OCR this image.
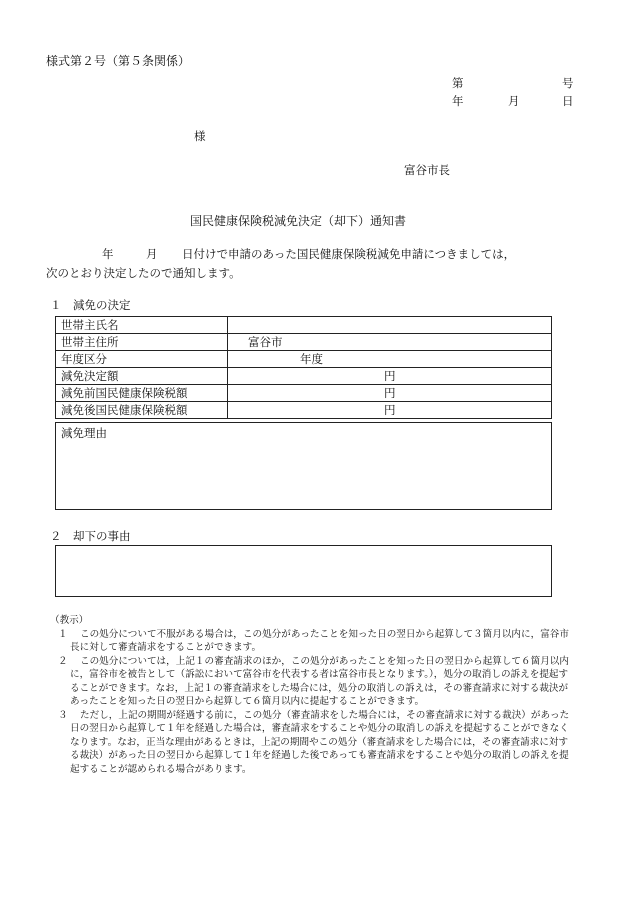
様式第２号（第５条関係）
第	号
年	月	日
様
富谷市長
国民健康保険税減免決定（却下）通知書
年	月 日付けで申請のあった国民健康保険税減免申請につきましては，
次のとおり決定したので通知します。
１　減免の決定
世帯主氏名	
世帯主住所	富谷市
年度区分	年度
減免決定額	円
減免前国民健康保険税額	円
減免後国民健康保険税額	円
減免理由
２　却下の事由
（教示）
１ この処分について不服がある場合は，この処分があったことを知った日の翌日から起算して３箇月以内に，富谷市長に対して審査請求をすることができます。
２ この処分については，上記１の審査請求のほか，この処分があったことを知った日の翌日から起算して６箇月以内に，富谷市を被告として（訴訟において富谷市を代表する者は富谷市長となります。），処分の取消しの訴えを提起することができます。なお，上記１の審査請求をした場合には，処分の取消しの訴えは，その審査請求に対する裁決があったことを知った日の翌日から起算して６箇月以内に提起することができます。
３ ただし，上記の期間が経過する前に，この処分（審査請求をした場合には，その審査請求に対する裁決）があった日の翌日から起算して１年を経過した場合は，審査請求をすることや処分の取消しの訴えを提起することができなくなります。なお，正当な理由があるときは，上記の期間やこの処分（審査請求をした場合には，その審査請求に対する裁決）があった日の翌日から起算して１年を経過した後であっても審査請求をすることや処分の取消しの訴えを提起することが認められる場合があります。
